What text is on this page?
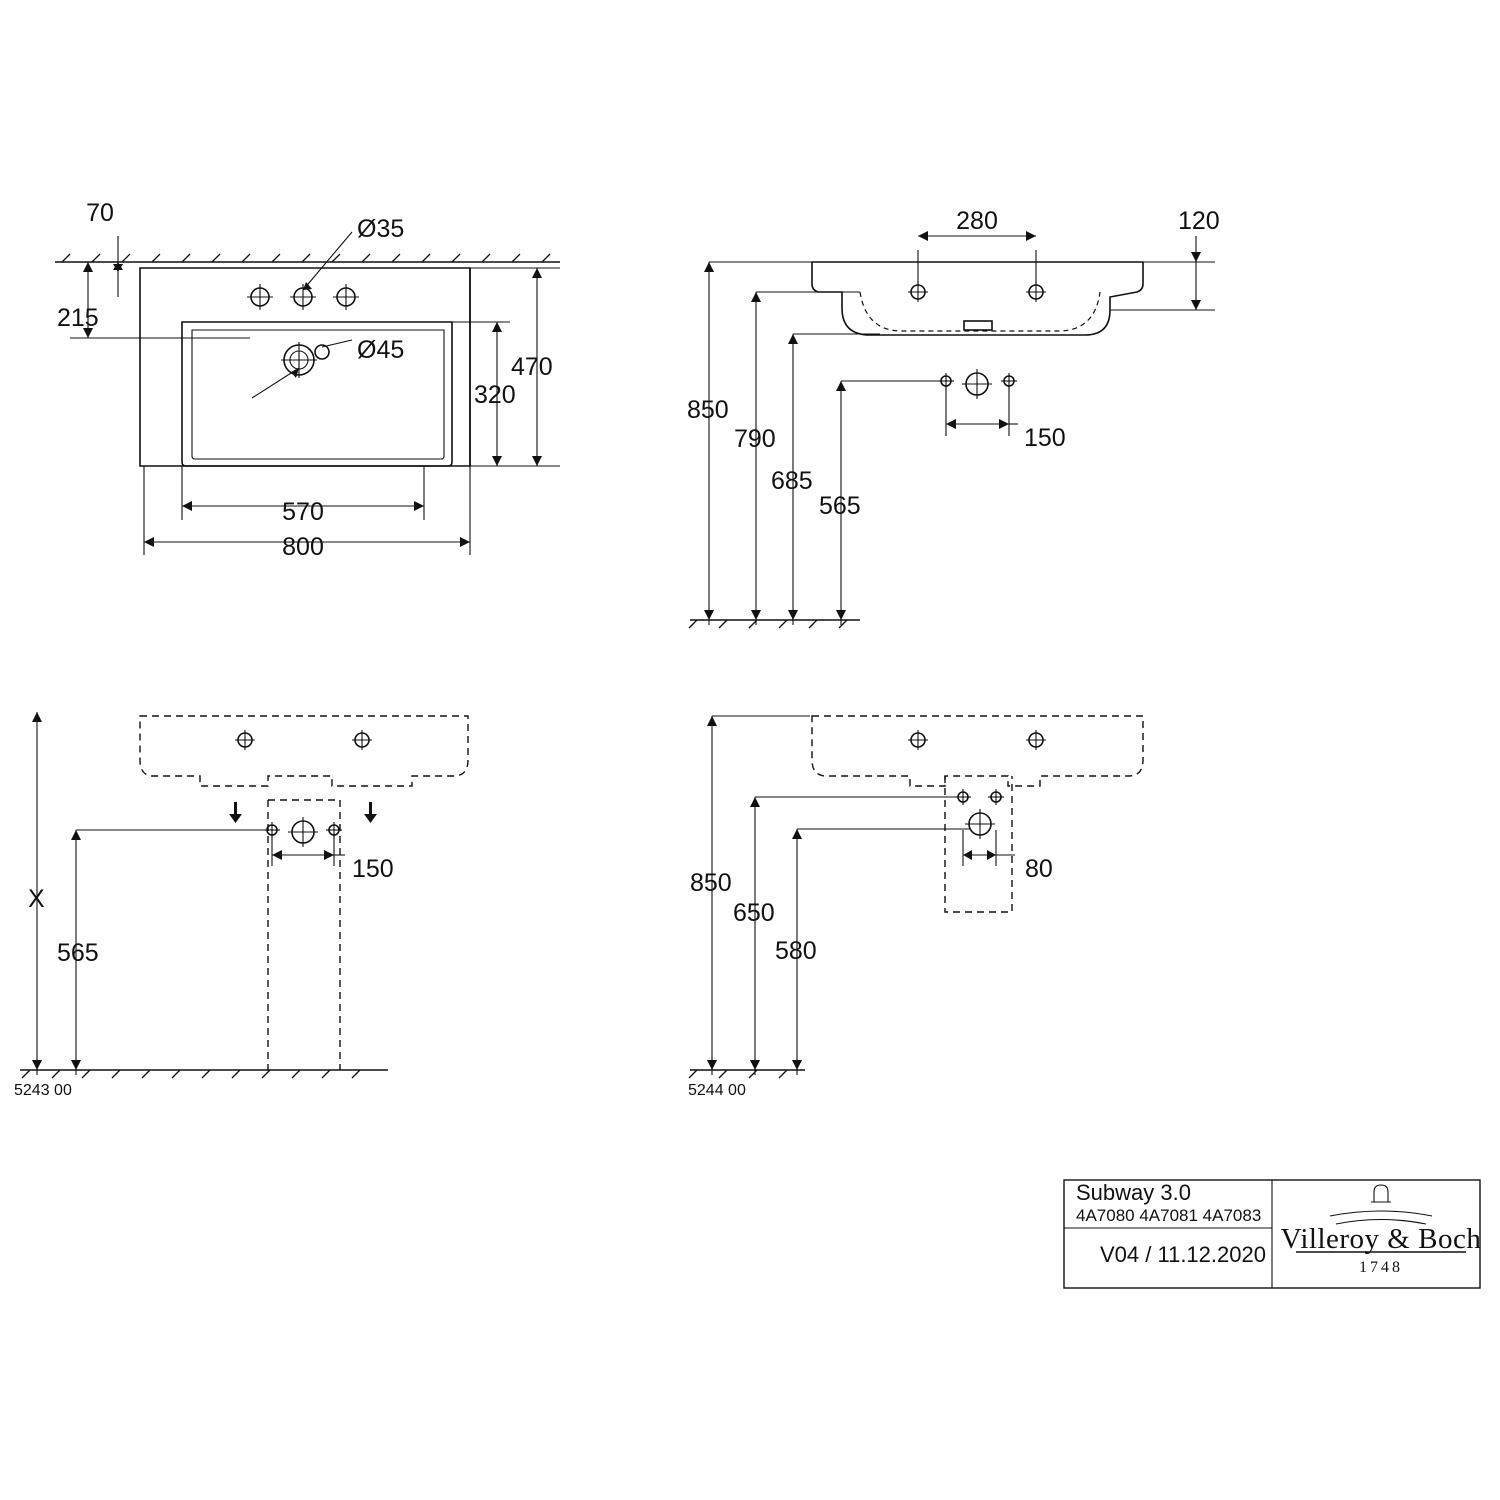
5243 00	5244 00
70
Ø35
215
Ø45
470
320
570
800
280	120
850
790	150
685
565
150
X
565
80
850
650
580
Subway 3.0
4A7080 4A7081 4A7083
V04 / 11.12.2020 Villeroy & Boch
1748
